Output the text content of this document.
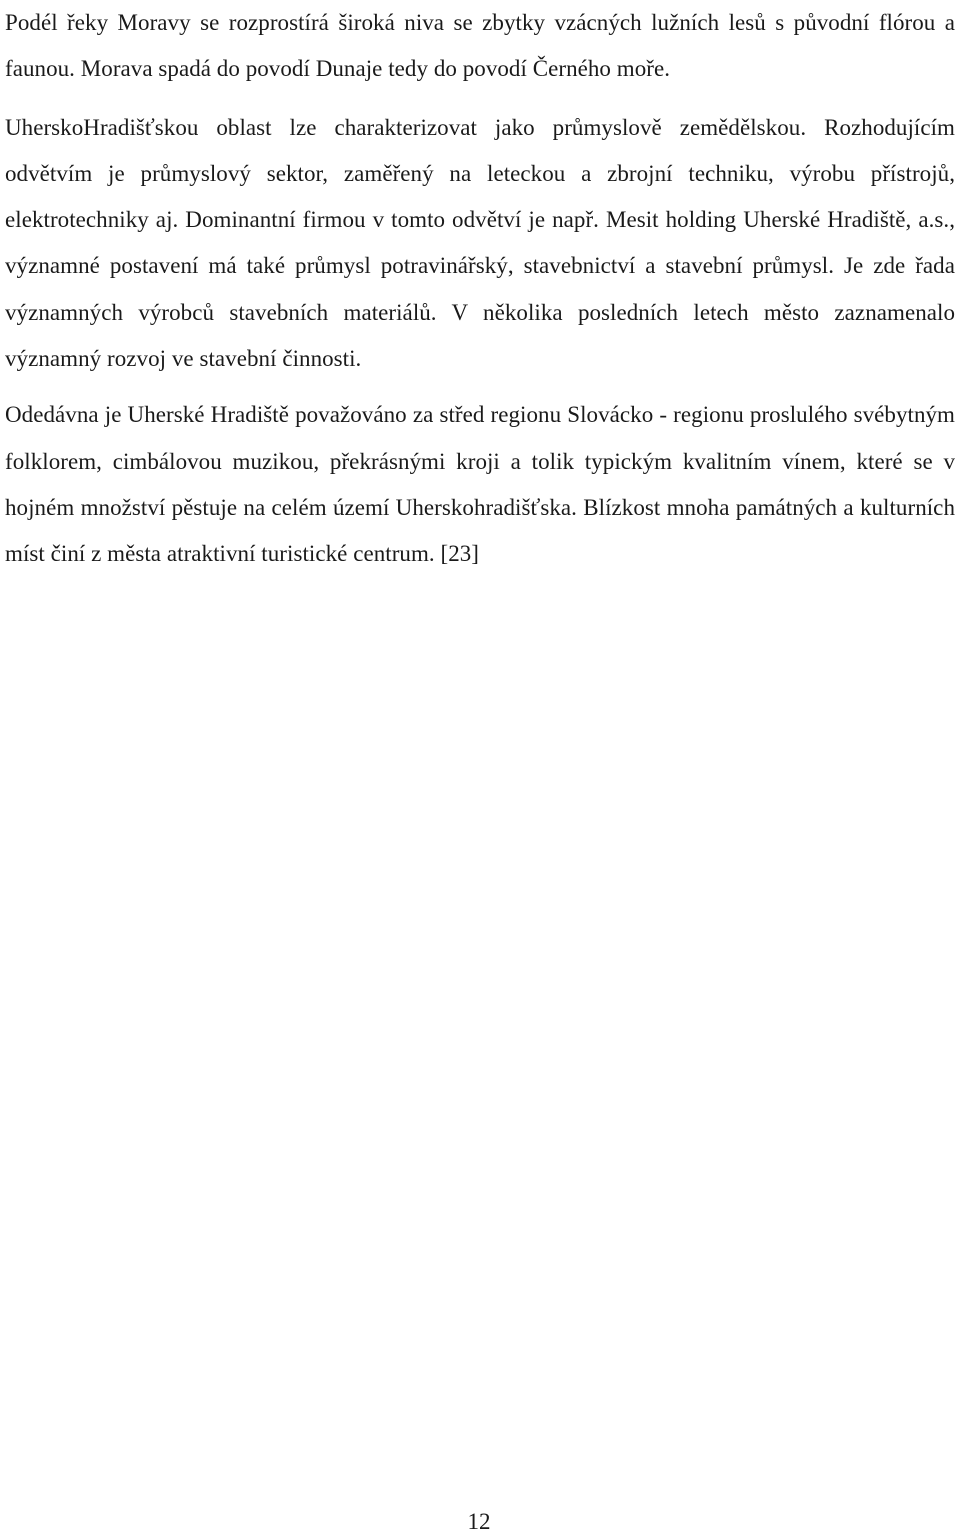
Podél řeky Moravy se rozprostírá široká niva se zbytky vzácných lužních lesů s původní flórou a faunou. Morava spadá do povodí Dunaje tedy do povodí Černého moře.

UherskoHradišťskou oblast lze charakterizovat jako průmyslově zemědělskou. Rozhodujícím odvětvím je průmyslový sektor, zaměřený na leteckou a zbrojní techniku, výrobu přístrojů, elektrotechniky aj. Dominantní firmou v tomto odvětví je např. Mesit holding Uherské Hradiště, a.s., významné postavení má také průmysl potravinářský, stavebnictví a stavební průmysl. Je zde řada významných výrobců stavebních materiálů. V několika posledních letech město zaznamenalo významný rozvoj ve stavební činnosti.

Odedávna je Uherské Hradiště považováno za střed regionu Slovácko - regionu proslulého svébytným folklorem, cimbálovou muzikou, překrásnými kroji a tolik typickým kvalitním vínem, které se v hojném množství pěstuje na celém území Uherskohradišťska. Blízkost mnoha památných a kulturních míst činí z města atraktivní turistické centrum. [23]

12
